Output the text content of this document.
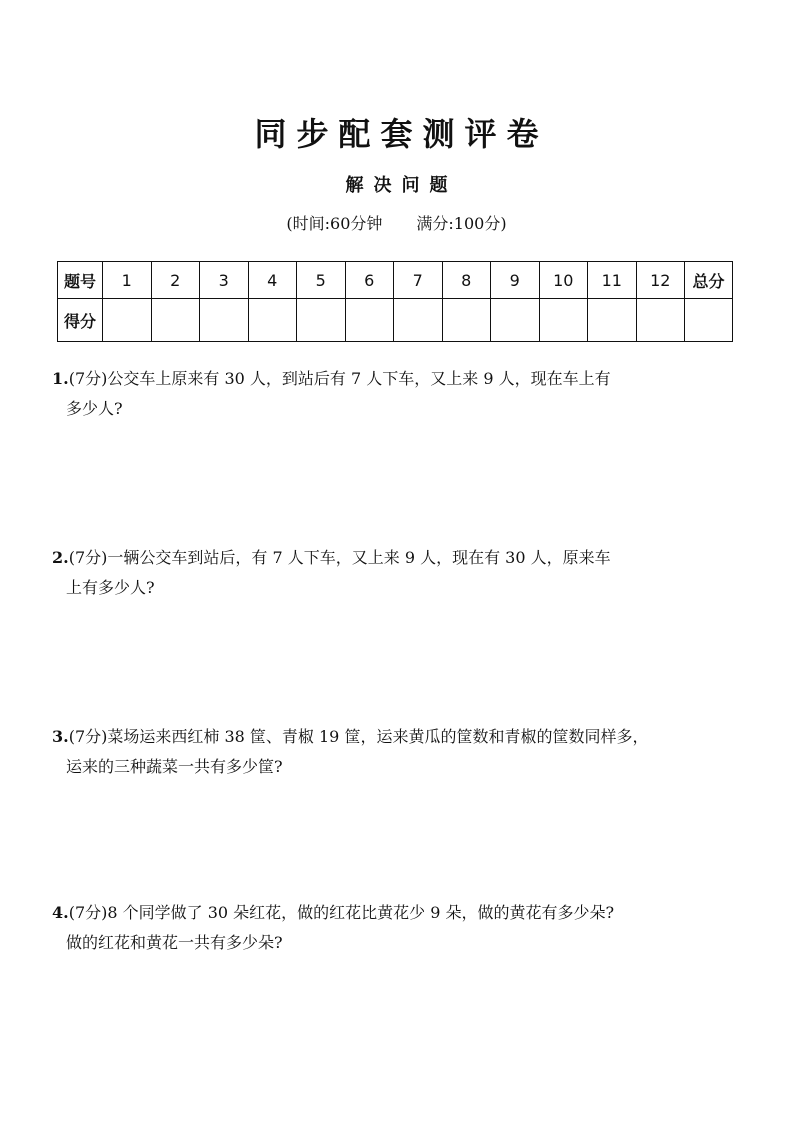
同步配套测评卷
解决问题
(时间:60分钟 满分:100分)
题号	1	2	3	4	5	6	7	8	9	10	11	12	总分
得分													
1.(7分)公交车上原来有 30 人，到站后有 7 人下车，又上来 9 人，现在车上有
多少人?
2.(7分)一辆公交车到站后，有 7 人下车，又上来 9 人，现在有 30 人，原来车
上有多少人?
3.(7分)菜场运来西红柿 38 筐、青椒 19 筐，运来黄瓜的筐数和青椒的筐数同样多，
运来的三种蔬菜一共有多少筐?
4.(7分)8 个同学做了 30 朵红花，做的红花比黄花少 9 朵，做的黄花有多少朵?
做的红花和黄花一共有多少朵?
